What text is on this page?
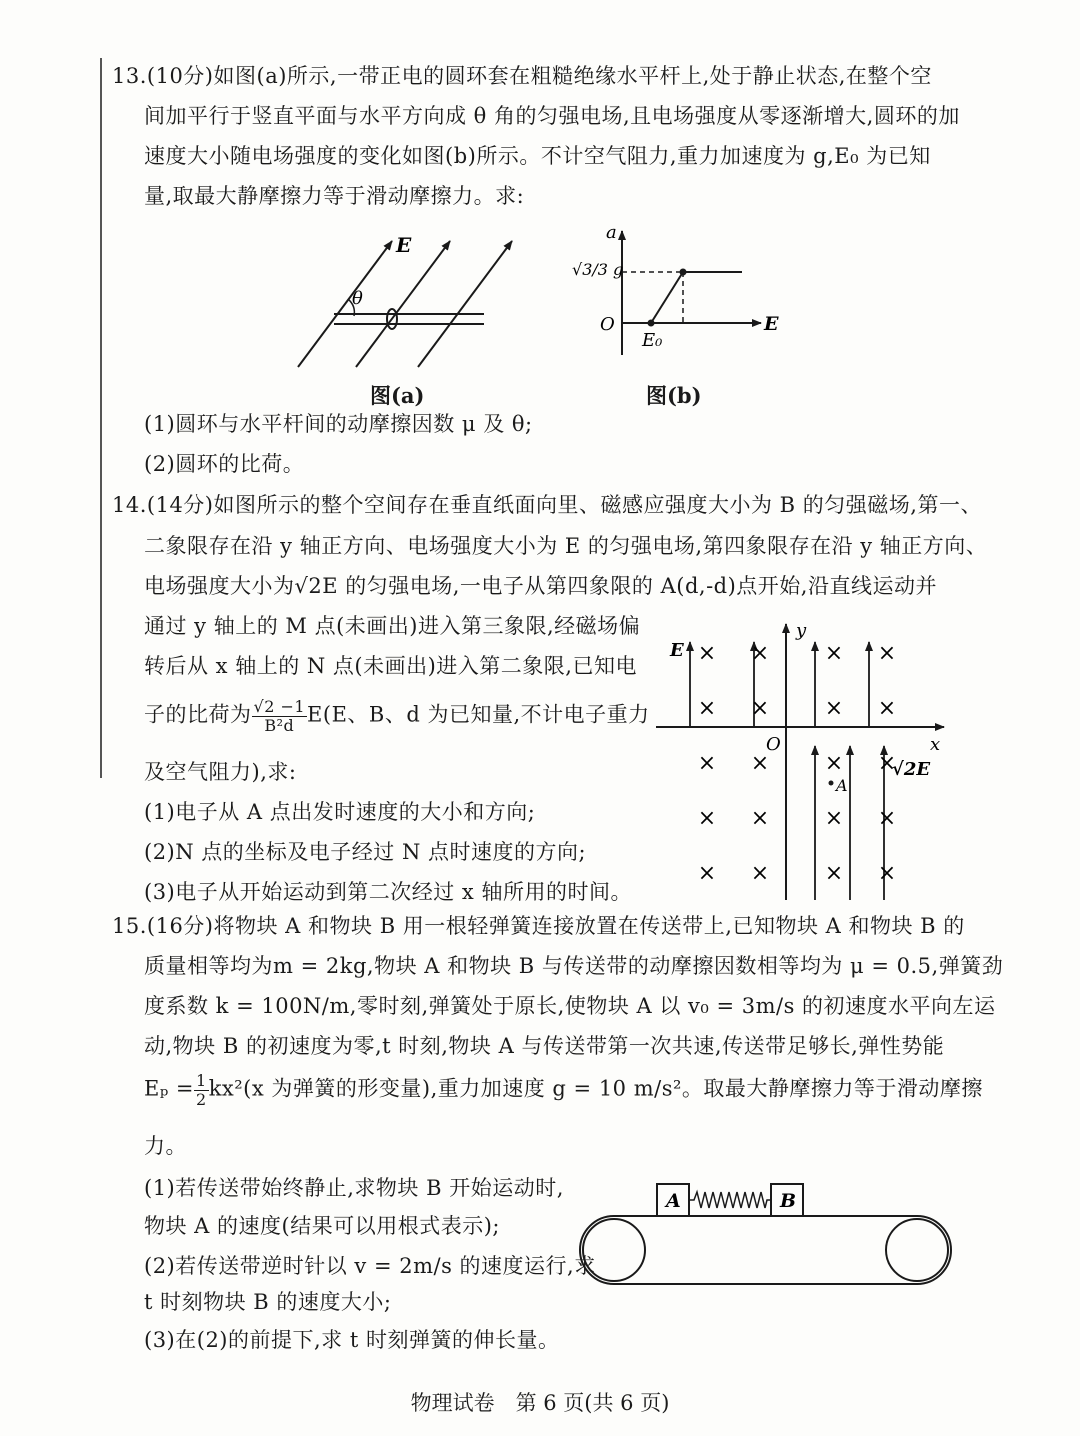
13.(10分)如图(a)所示,一带正电的圆环套在粗糙绝缘水平杆上,处于静止状态,在整个空
间加平行于竖直平面与水平方向成 θ 角的匀强电场,且电场强度从零逐渐增大,圆环的加
速度大小随电场强度的变化如图(b)所示。不计空气阻力,重力加速度为 g,E₀ 为已知
量,取最大静摩擦力等于滑动摩擦力。求:
θ
E
图(a)
a
E
O
E₀
√3/3 g
图(b)
(1)圆环与水平杆间的动摩擦因数 μ 及 θ;
(2)圆环的比荷。
14.(14分)如图所示的整个空间存在垂直纸面向里、磁感应强度大小为 B 的匀强磁场,第一、
二象限存在沿 y 轴正方向、电场强度大小为 E 的匀强电场,第四象限存在沿 y 轴正方向、
电场强度大小为√2E 的匀强电场,一电子从第四象限的 A(d,-d)点开始,沿直线运动并
通过 y 轴上的 M 点(未画出)进入第三象限,经磁场偏
转后从 x 轴上的 N 点(未画出)进入第二象限,已知电
子的比荷为 $\frac{√2 -1}{\text{B²d}} E(E$、B、d 为已知量,不计电子重力
及空气阻力),求:
(1)电子从 A 点出发时速度的大小和方向;
(2)N 点的坐标及电子经过 N 点时速度的方向;
(3)电子从开始运动到第二次经过 x 轴所用的时间。
× ×	× ×
× ×	× ×
× ×	× ×
× ×	× ×
× ×	× ×
A
E
√2E
O	x
y
15.(16分)将物块 A 和物块 B 用一根轻弹簧连接放置在传送带上,已知物块 A 和物块 B 的
质量相等均为m = 2kg,物块 A 和物块 B 与传送带的动摩擦因数相等均为 μ = 0.5,弹簧劲
度系数 k = 100N/m,零时刻,弹簧处于原长,使物块 A 以 v₀ = 3m/s 的初速度水平向左运
动,物块 B 的初速度为零,t 时刻,物块 A 与传送带第一次共速,传送带足够长,弹性势能
$E_p = \frac{1}{2} kx^2(x$ 为弹簧的形变量),重力加速度 g = 10 m/s²。取最大静摩擦力等于滑动摩擦
力。
(1)若传送带始终静止,求物块 B 开始运动时,
物块 A 的速度(结果可以用根式表示);
(2)若传送带逆时针以 v = 2m/s 的速度运行,求
t 时刻物块 B 的速度大小;
(3)在(2)的前提下,求 t 时刻弹簧的伸长量。
A	B
物理试卷　第 6 页(共 6 页)
